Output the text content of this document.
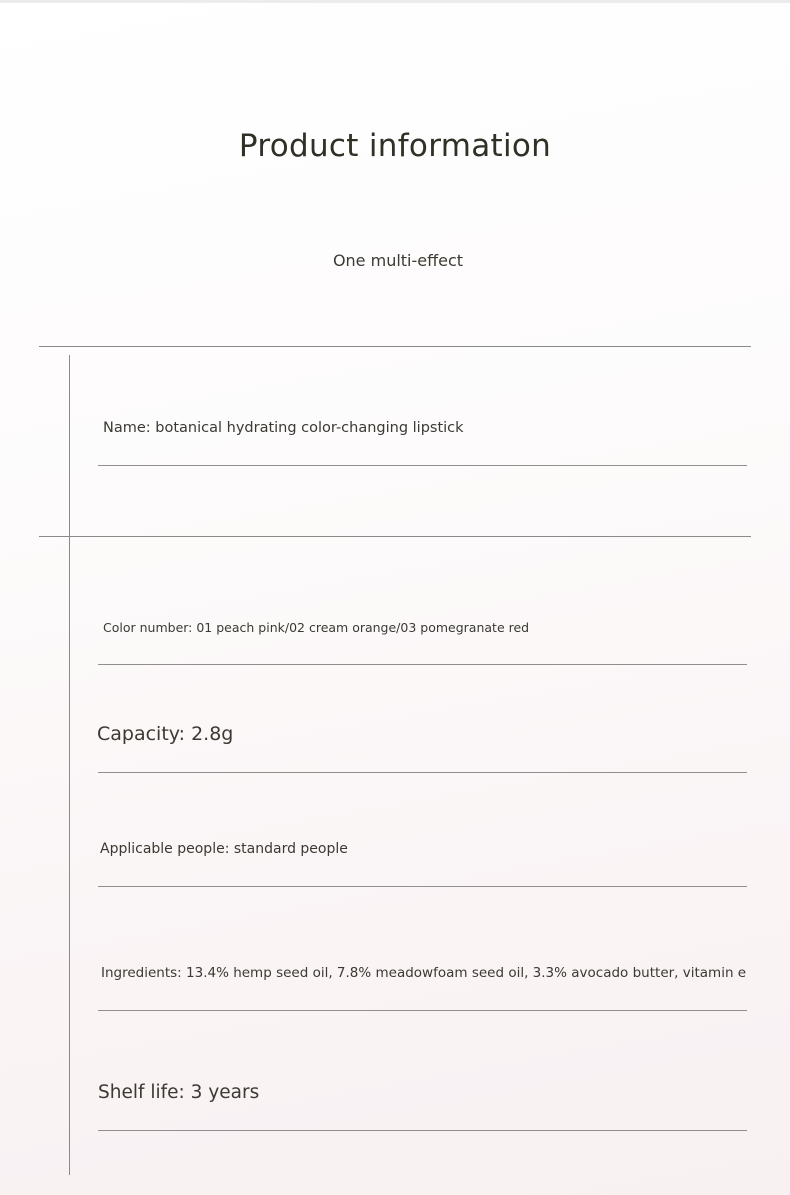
Product information
One multi-effect
Name: botanical hydrating color-changing lipstick
Color number: 01 peach pink/02 cream orange/03 pomegranate red
Capacity: 2.8g
Applicable people: standard people
Ingredients: 13.4% hemp seed oil, 7.8% meadowfoam seed oil, 3.3% avocado butter, vitamin e
Shelf life: 3 years
